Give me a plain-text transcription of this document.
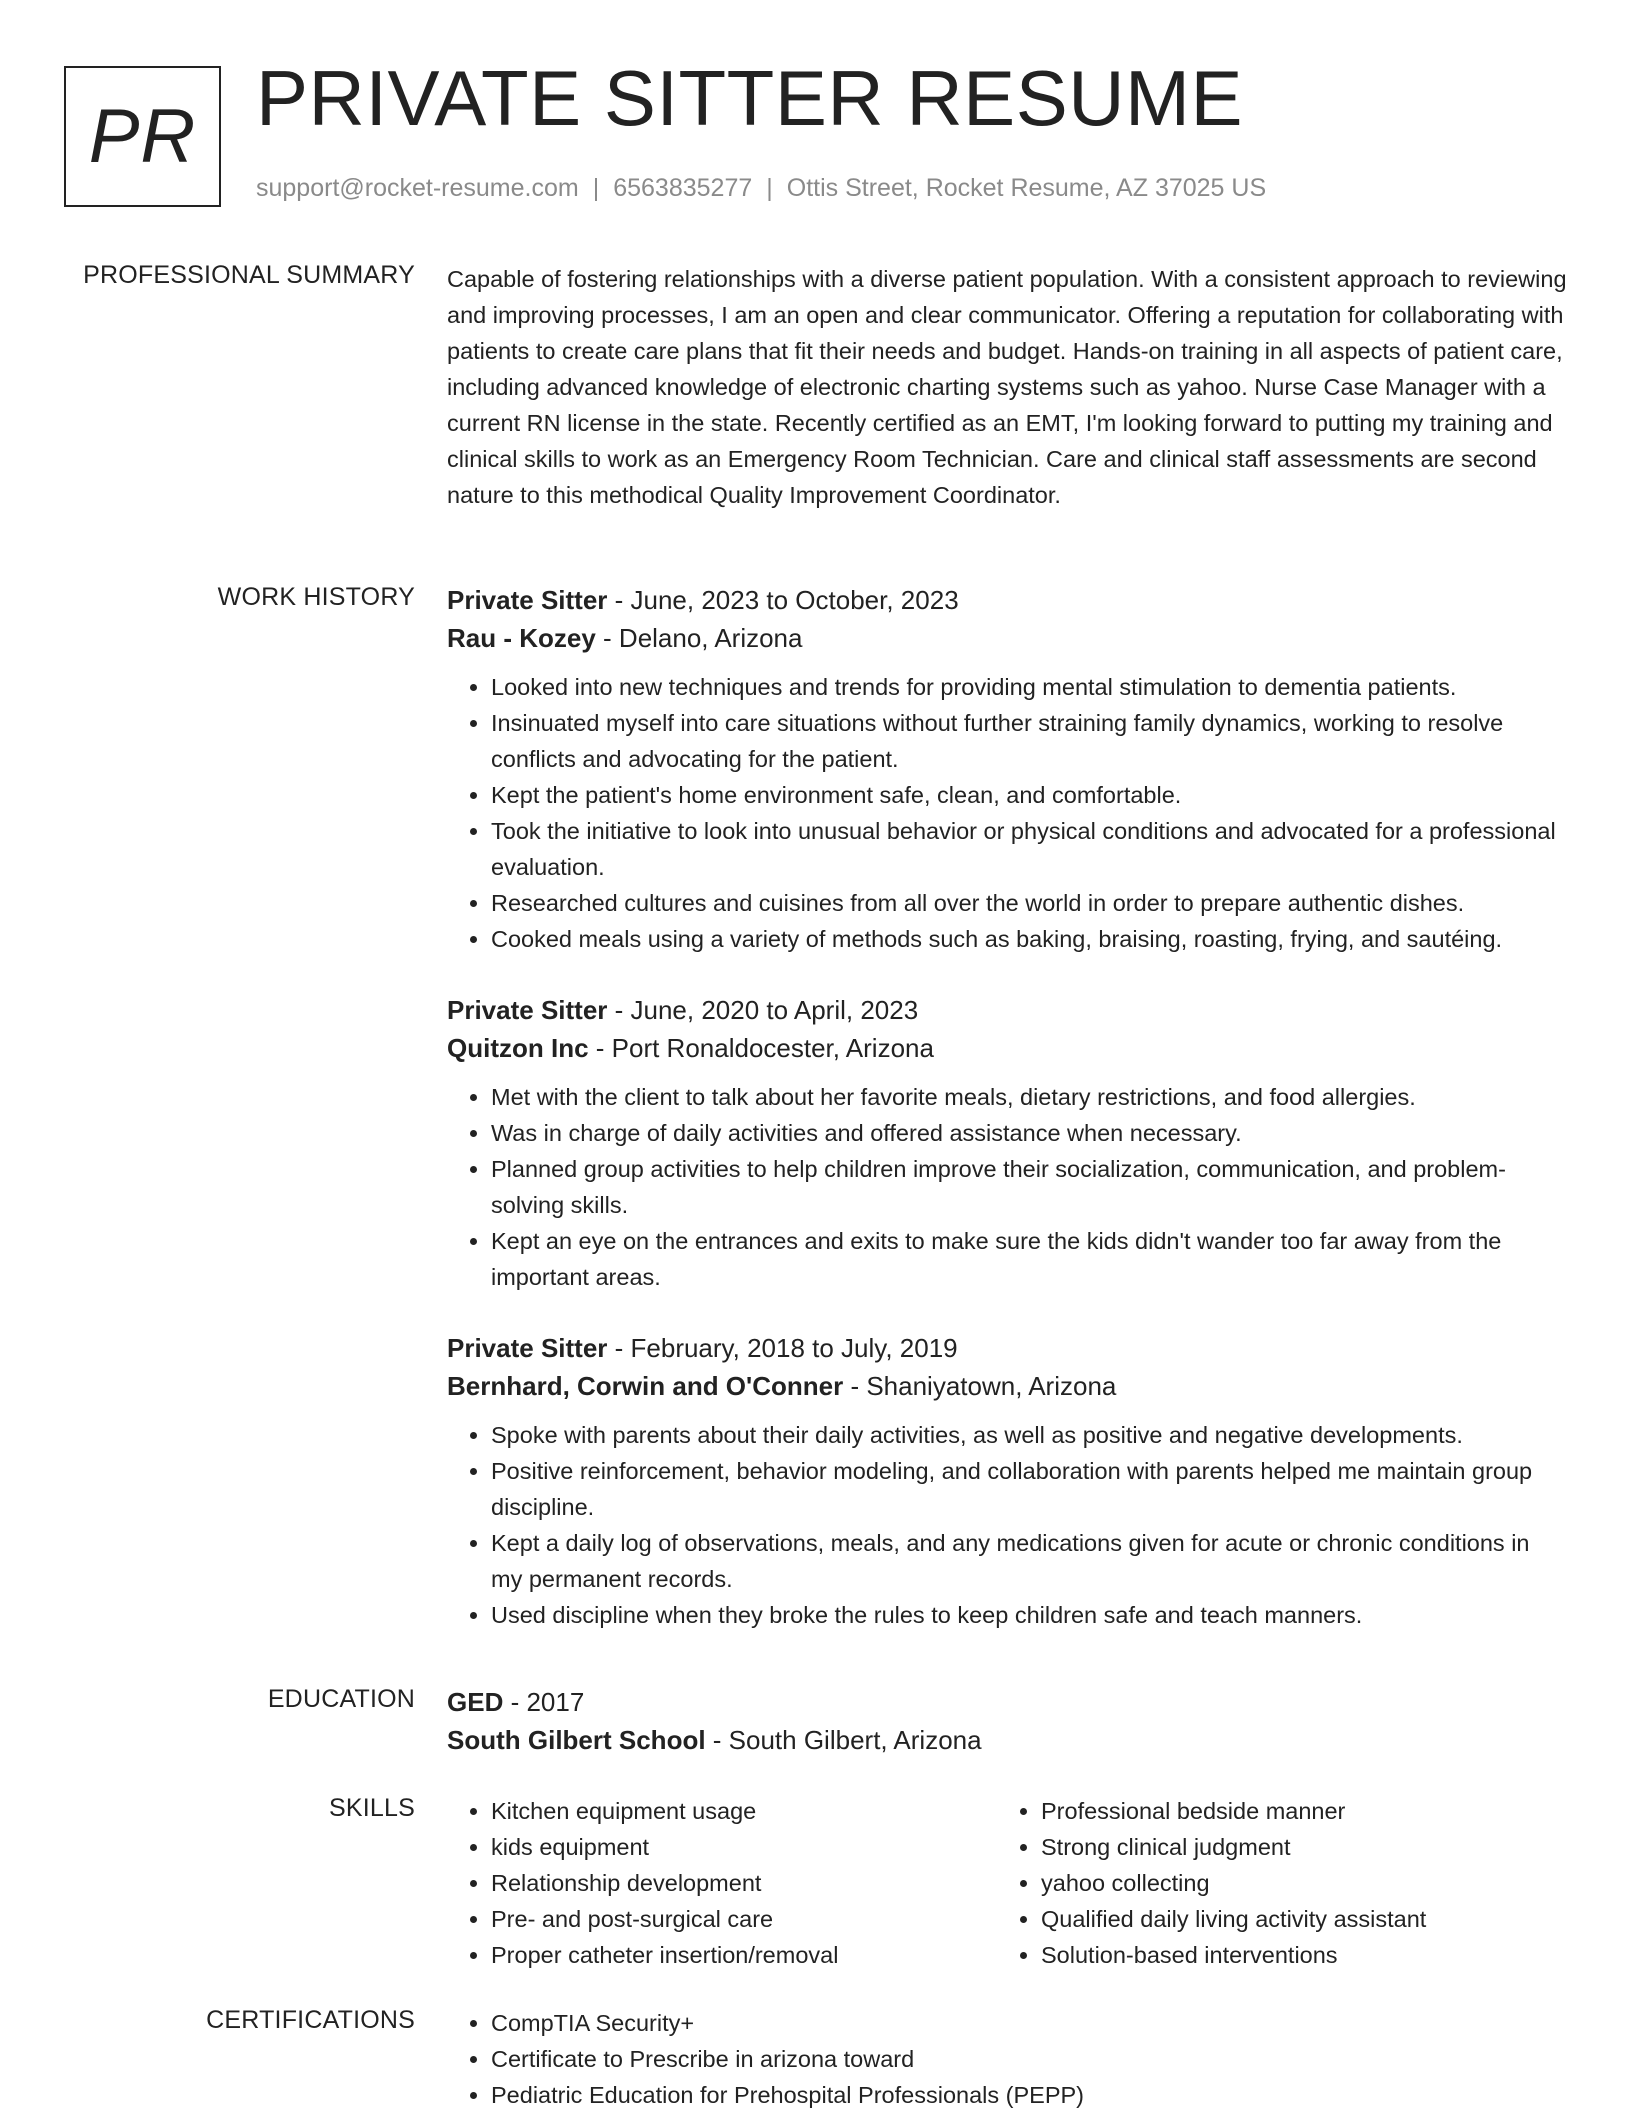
PR PRIVATE SITTER RESUME
support@rocket-resume.com | 6563835277 | Ottis Street, Rocket Resume, AZ 37025 US
PROFESSIONAL SUMMARY Capable of fostering relationships with a diverse patient population. With a consistent approach to reviewing and improving processes, I am an open and clear communicator. Offering a reputation for collaborating with patients to create care plans that fit their needs and budget. Hands-on training in all aspects of patient care, including advanced knowledge of electronic charting systems such as yahoo. Nurse Case Manager with a current RN license in the state. Recently certified as an EMT, I'm looking forward to putting my training and clinical skills to work as an Emergency Room Technician. Care and clinical staff assessments are second nature to this methodical Quality Improvement Coordinator.

WORK HISTORY Private Sitter - June, 2023 to October, 2023
Rau - Kozey - Delano, Arizona
• Looked into new techniques and trends for providing mental stimulation to dementia patients.
• Insinuated myself into care situations without further straining family dynamics, working to resolve conflicts and advocating for the patient.
• Kept the patient's home environment safe, clean, and comfortable.
• Took the initiative to look into unusual behavior or physical conditions and advocated for a professional evaluation.
• Researched cultures and cuisines from all over the world in order to prepare authentic dishes.
• Cooked meals using a variety of methods such as baking, braising, roasting, frying, and sautéing.
Private Sitter - June, 2020 to April, 2023
Quitzon Inc - Port Ronaldocester, Arizona
• Met with the client to talk about her favorite meals, dietary restrictions, and food allergies.
• Was in charge of daily activities and offered assistance when necessary.
• Planned group activities to help children improve their socialization, communication, and problem-solving skills.
• Kept an eye on the entrances and exits to make sure the kids didn't wander too far away from the important areas.
Private Sitter - February, 2018 to July, 2019
Bernhard, Corwin and O'Conner - Shaniyatown, Arizona
• Spoke with parents about their daily activities, as well as positive and negative developments.
• Positive reinforcement, behavior modeling, and collaboration with parents helped me maintain group discipline.
• Kept a daily log of observations, meals, and any medications given for acute or chronic conditions in my permanent records.
• Used discipline when they broke the rules to keep children safe and teach manners.
EDUCATION GED - 2017
South Gilbert School - South Gilbert, Arizona
SKILLS	• Kitchen equipment usage
• kids equipment
• Relationship development
• Pre- and post-surgical care
• Proper catheter insertion/removal
• Professional bedside manner
• Strong clinical judgment
• yahoo collecting
• Qualified daily living activity assistant
• Solution-based interventions
CERTIFICATIONS	• CompTIA Security+
• Certificate to Prescribe in arizona toward
• Pediatric Education for Prehospital Professionals (PEPP)
